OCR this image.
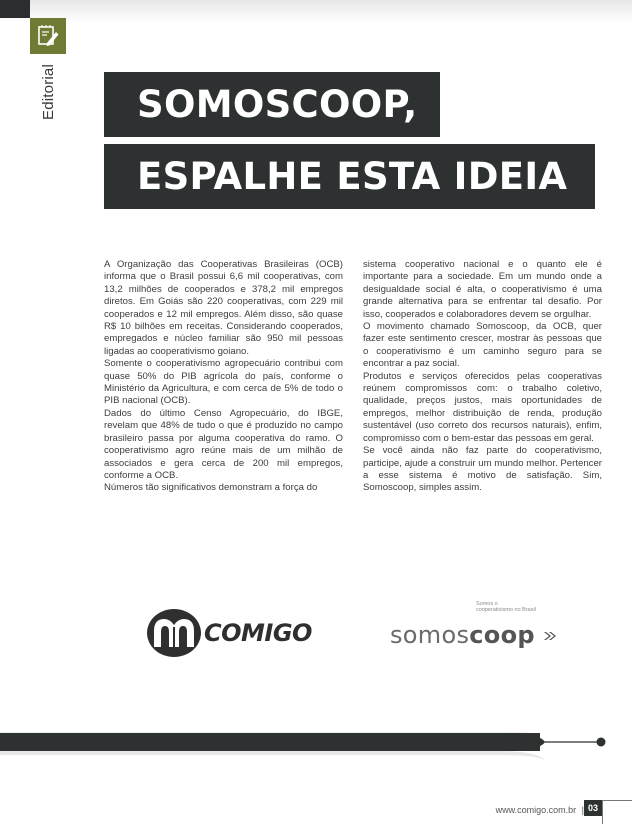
Editorial	SOMOSCOOP,
ESPALHE ESTA IDEIA

A Organização das Cooperativas Brasileiras (OCB) informa que o Brasil possui 6,6 mil cooperativas, com 13,2 milhões de cooperados e 378,2 mil empregos diretos. Em Goiás são 220 cooperativas, com 229 mil cooperados e 12 mil empregos. Além disso, são quase R$ 10 bilhões em receitas. Considerando cooperados, empregados e núcleo familiar são 950 mil pessoas ligadas ao cooperativismo goiano.

Somente o cooperativismo agropecuário contribui com quase 50% do PIB agrícola do país, conforme o Ministério da Agricultura, e com cerca de 5% de todo o PIB nacional (OCB).

Dados do último Censo Agropecuário, do IBGE, revelam que 48% de tudo o que é produzido no campo brasileiro passa por alguma cooperativa do ramo. O cooperativismo agro reúne mais de um milhão de associados e gera cerca de 200 mil empregos, conforme a OCB.

Números tão significativos demonstram a força do

sistema cooperativo nacional e o quanto ele é importante para a sociedade. Em um mundo onde a desigualdade social é alta, o cooperativismo é uma grande alternativa para se enfrentar tal desafio. Por isso, cooperados e colaboradores devem se orgulhar.

O movimento chamado Somoscoop, da OCB, quer fazer este sentimento crescer, mostrar às pessoas que o cooperativismo é um caminho seguro para se encontrar a paz social.

Produtos e serviços oferecidos pelas cooperativas reúnem compromissos com: o trabalho coletivo, qualidade, preços justos, mais oportunidades de empregos, melhor distribuição de renda, produção sustentável (uso correto dos recursos naturais), enfim, compromisso com o bem-estar das pessoas em geral.

Se você ainda não faz parte do cooperativismo, participe, ajude a construir um mundo melhor. Pertencer a esse sistema é motivo de satisfação. Sim, Somoscoop, simples assim.

COMIGO
Somos o cooperativismo no Brasil
somoscoop
www.comigo.com.br | 03
